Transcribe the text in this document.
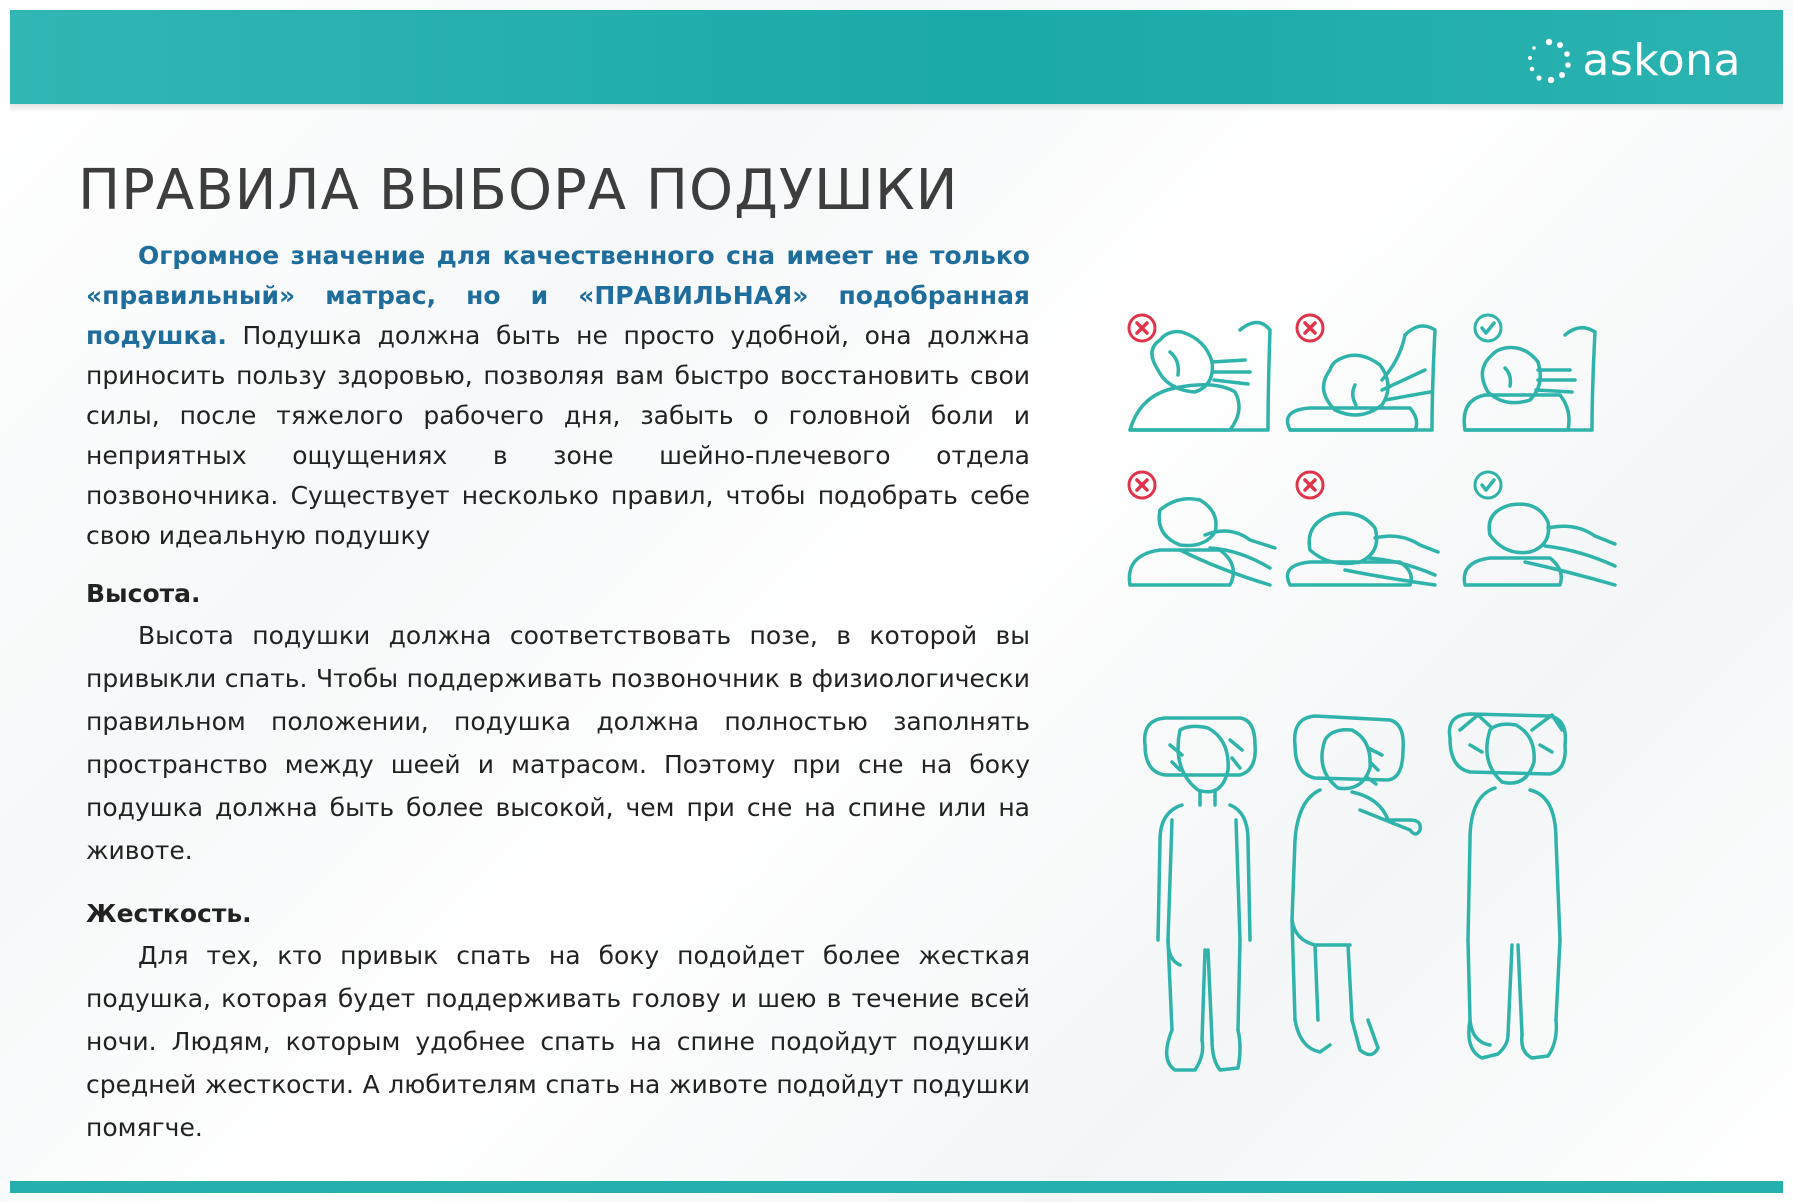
askona
ПРАВИЛА ВЫБОРА ПОДУШКИ

Огромное значение для качественного сна имеет не только «правильный» матрас, но и «ПРАВИЛЬНАЯ» подобранная подушка. Подушка должна быть не просто удобной, она должна приносить пользу здоровью, позволяя вам быстро восстановить свои силы, после тяжелого рабочего дня, забыть о головной боли и неприятных ощущениях в зоне шейно-плечевого отдела позвоночника. Существует несколько правил, чтобы подобрать себе свою идеальную подушку

Высота.

Высота подушки должна соответствовать позе, в которой вы привыкли спать. Чтобы поддерживать позвоночник в физиологически правильном положении, подушка должна полностью заполнять пространство между шеей и матрасом. Поэтому при сне на боку подушка должна быть более высокой, чем при сне на спине или на животе.

Жесткость.

Для тех, кто привык спать на боку подойдет более жесткая подушка, которая будет поддерживать голову и шею в течение всей ночи. Людям, которым удобнее спать на спине подойдут подушки средней жесткости. А любителям спать на животе подойдут подушки помягче.
